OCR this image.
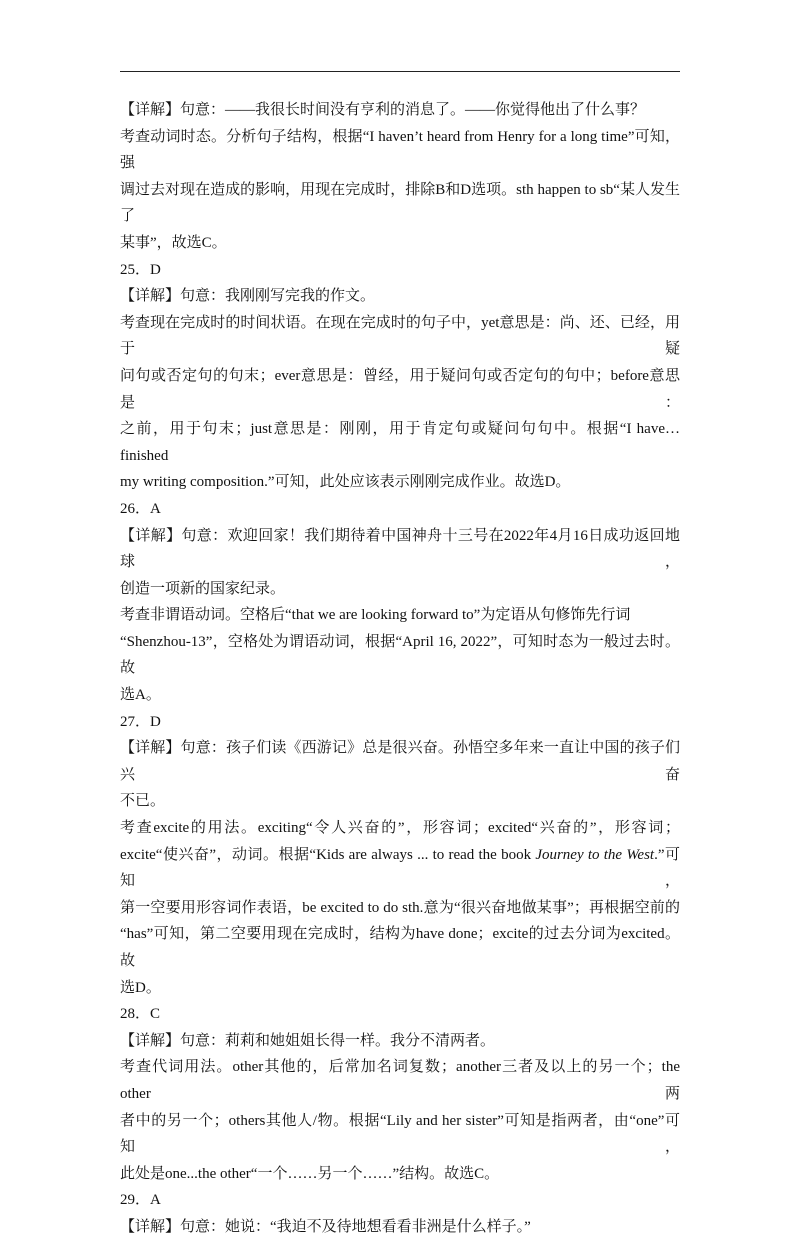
【详解】句意：——我很长时间没有亨利的消息了。——你觉得他出了什么事？
考查动词时态。分析句子结构，根据“I haven’t heard from Henry for a long time”可知，强
调过去对现在造成的影响，用现在完成时，排除B和D选项。sth happen to sb“某人发生了
某事”，故选C。
25．D
【详解】句意：我刚刚写完我的作文。
考查现在完成时的时间状语。在现在完成时的句子中，yet意思是：尚、还、已经，用于疑
问句或否定句的句末；ever意思是：曾经，用于疑问句或否定句的句中；before意思是：
之前，用于句末；just意思是：刚刚，用于肯定句或疑问句句中。根据“I have…finished
my writing composition.”可知，此处应该表示刚刚完成作业。故选D。
26．A
【详解】句意：欢迎回家！我们期待着中国神舟十三号在2022年4月16日成功返回地球，
创造一项新的国家纪录。
考查非谓语动词。空格后“that we are looking forward to”为定语从句修饰先行词
“Shenzhou-13”，空格处为谓语动词，根据“April 16, 2022”，可知时态为一般过去时。故
选A。
27．D
【详解】句意：孩子们读《西游记》总是很兴奋。孙悟空多年来一直让中国的孩子们兴奋
不已。
考查excite的用法。exciting“令人兴奋的”，形容词；excited“兴奋的”，形容词；
excite“使兴奋”，动词。根据“Kids are always ... to read the book Journey to the West.”可知，
第一空要用形容词作表语，be excited to do sth.意为“很兴奋地做某事”；再根据空前的
“has”可知，第二空要用现在完成时，结构为have done；excite的过去分词为excited。故
选D。
28．C
【详解】句意：莉莉和她姐姐长得一样。我分不清两者。
考查代词用法。other其他的，后常加名词复数；another三者及以上的另一个；the other两
者中的另一个；others其他人/物。根据“Lily and her sister”可知是指两者，由“one”可知，
此处是one...the other“一个……另一个……”结构。故选C。
29．A
【详解】句意：她说：“我迫不及待地想看看非洲是什么样子。”
